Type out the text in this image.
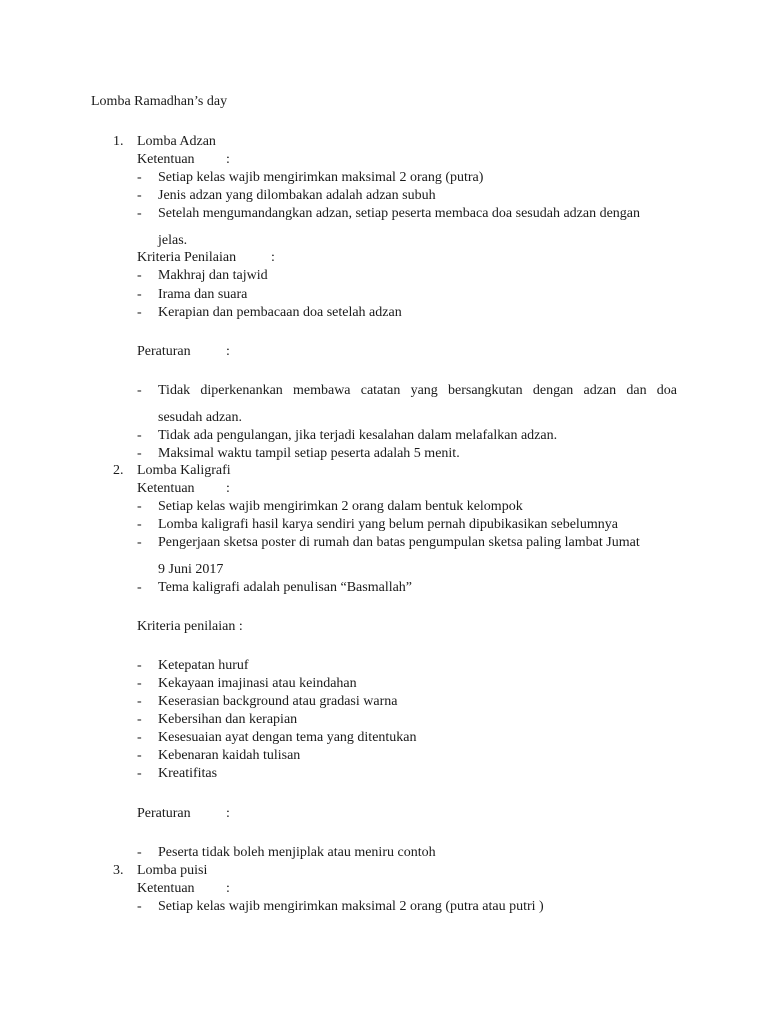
Lomba Ramadhan’s day
1. Lomba Adzan
Ketentuan :
- Setiap kelas wajib mengirimkan maksimal 2 orang (putra)
- Jenis adzan yang dilombakan adalah adzan subuh
- Setelah mengumandangkan adzan, setiap peserta membaca doa sesudah adzan dengan
jelas.
Kriteria Penilaian :
- Makhraj dan tajwid
- Irama dan suara
- Kerapian dan pembacaan doa setelah adzan
Peraturan	:
- Tidak diperkenankan membawa catatan yang bersangkutan dengan adzan dan doa
sesudah adzan.
- Tidak ada pengulangan, jika terjadi kesalahan dalam melafalkan adzan.
- Maksimal waktu tampil setiap peserta adalah 5 menit.
2. Lomba Kaligrafi
Ketentuan :
- Setiap kelas wajib mengirimkan 2 orang dalam bentuk kelompok
- Lomba kaligrafi hasil karya sendiri yang belum pernah dipubikasikan sebelumnya
- Pengerjaan sketsa poster di rumah dan batas pengumpulan sketsa paling lambat Jumat
9 Juni 2017
- Tema kaligrafi adalah penulisan “Basmallah”
Kriteria penilaian :
- Ketepatan huruf
- Kekayaan imajinasi atau keindahan
- Keserasian background atau gradasi warna
- Kebersihan dan kerapian
- Kesesuaian ayat dengan tema yang ditentukan
- Kebenaran kaidah tulisan
- Kreatifitas
Peraturan	:
- Peserta tidak boleh menjiplak atau meniru contoh
3. Lomba puisi
Ketentuan :
- Setiap kelas wajib mengirimkan maksimal 2 orang (putra atau putri )
